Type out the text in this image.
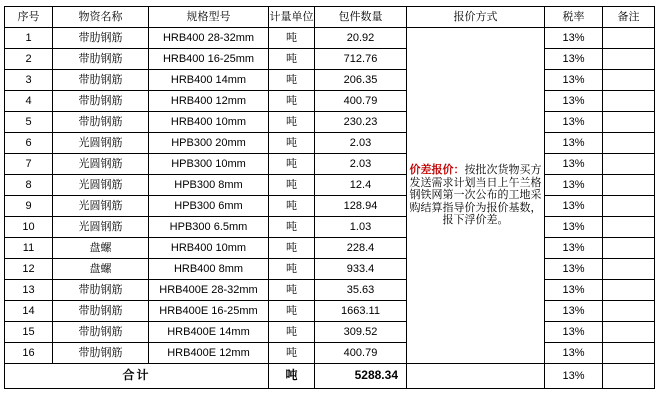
序号	物资名称	规格型号	计量单位	包件数量	报价方式	税率	备注
1	带肋钢筋	HRB400 28-32mm	吨	20.92	价差报价：按批次货物买方发送需求计划当日上午兰格钢铁网第一次公布的工地采购结算指导价为报价基数，报下浮价差。	13%	
2	带肋钢筋	HRB400 16-25mm	吨	712.76		13%	
3	带肋钢筋	HRB400 14mm	吨	206.35		13%	
4	带肋钢筋	HRB400 12mm	吨	400.79		13%	
5	带肋钢筋	HRB400 10mm	吨	230.23		13%	
6	光圆钢筋	HPB300 20mm	吨	2.03		13%	
7	光圆钢筋	HPB300 10mm	吨	2.03		13%	
8	光圆钢筋	HPB300 8mm	吨	12.4		13%	
9	光圆钢筋	HPB300 6mm	吨	128.94		13%	
10	光圆钢筋	HPB300 6.5mm	吨	1.03		13%	
11	盘螺	HRB400 10mm	吨	228.4		13%	
12	盘螺	HRB400 8mm	吨	933.4		13%	
13	带肋钢筋	HRB400E 28-32mm	吨	35.63		13%	
14	带肋钢筋	HRB400E 16-25mm	吨	1663.11		13%	
15	带肋钢筋	HRB400E 14mm	吨	309.52		13%	
16	带肋钢筋	HRB400E 12mm	吨	400.79		13%	
合计			吨	5288.34		13%	
